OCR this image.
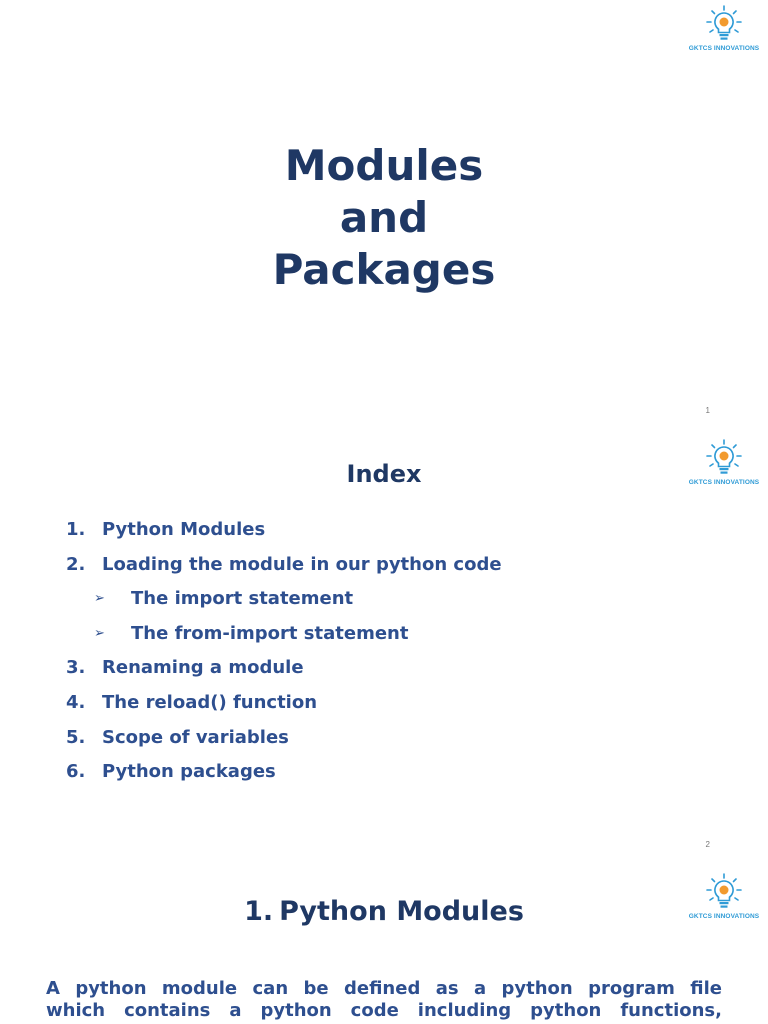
GKTCS INNOVATIONS
Modules
and
Packages
1
GKTCS INNOVATIONS
Index
1. Python Modules
2. Loading the module in our python code
➢ The import statement
➢ The from-import statement
3. Renaming a module
4. The reload() function
5. Scope of variables
6. Python packages
2
GKTCS INNOVATIONS
1. Python Modules
A python module can be defined as a python program file
which contains a python code including python functions,
